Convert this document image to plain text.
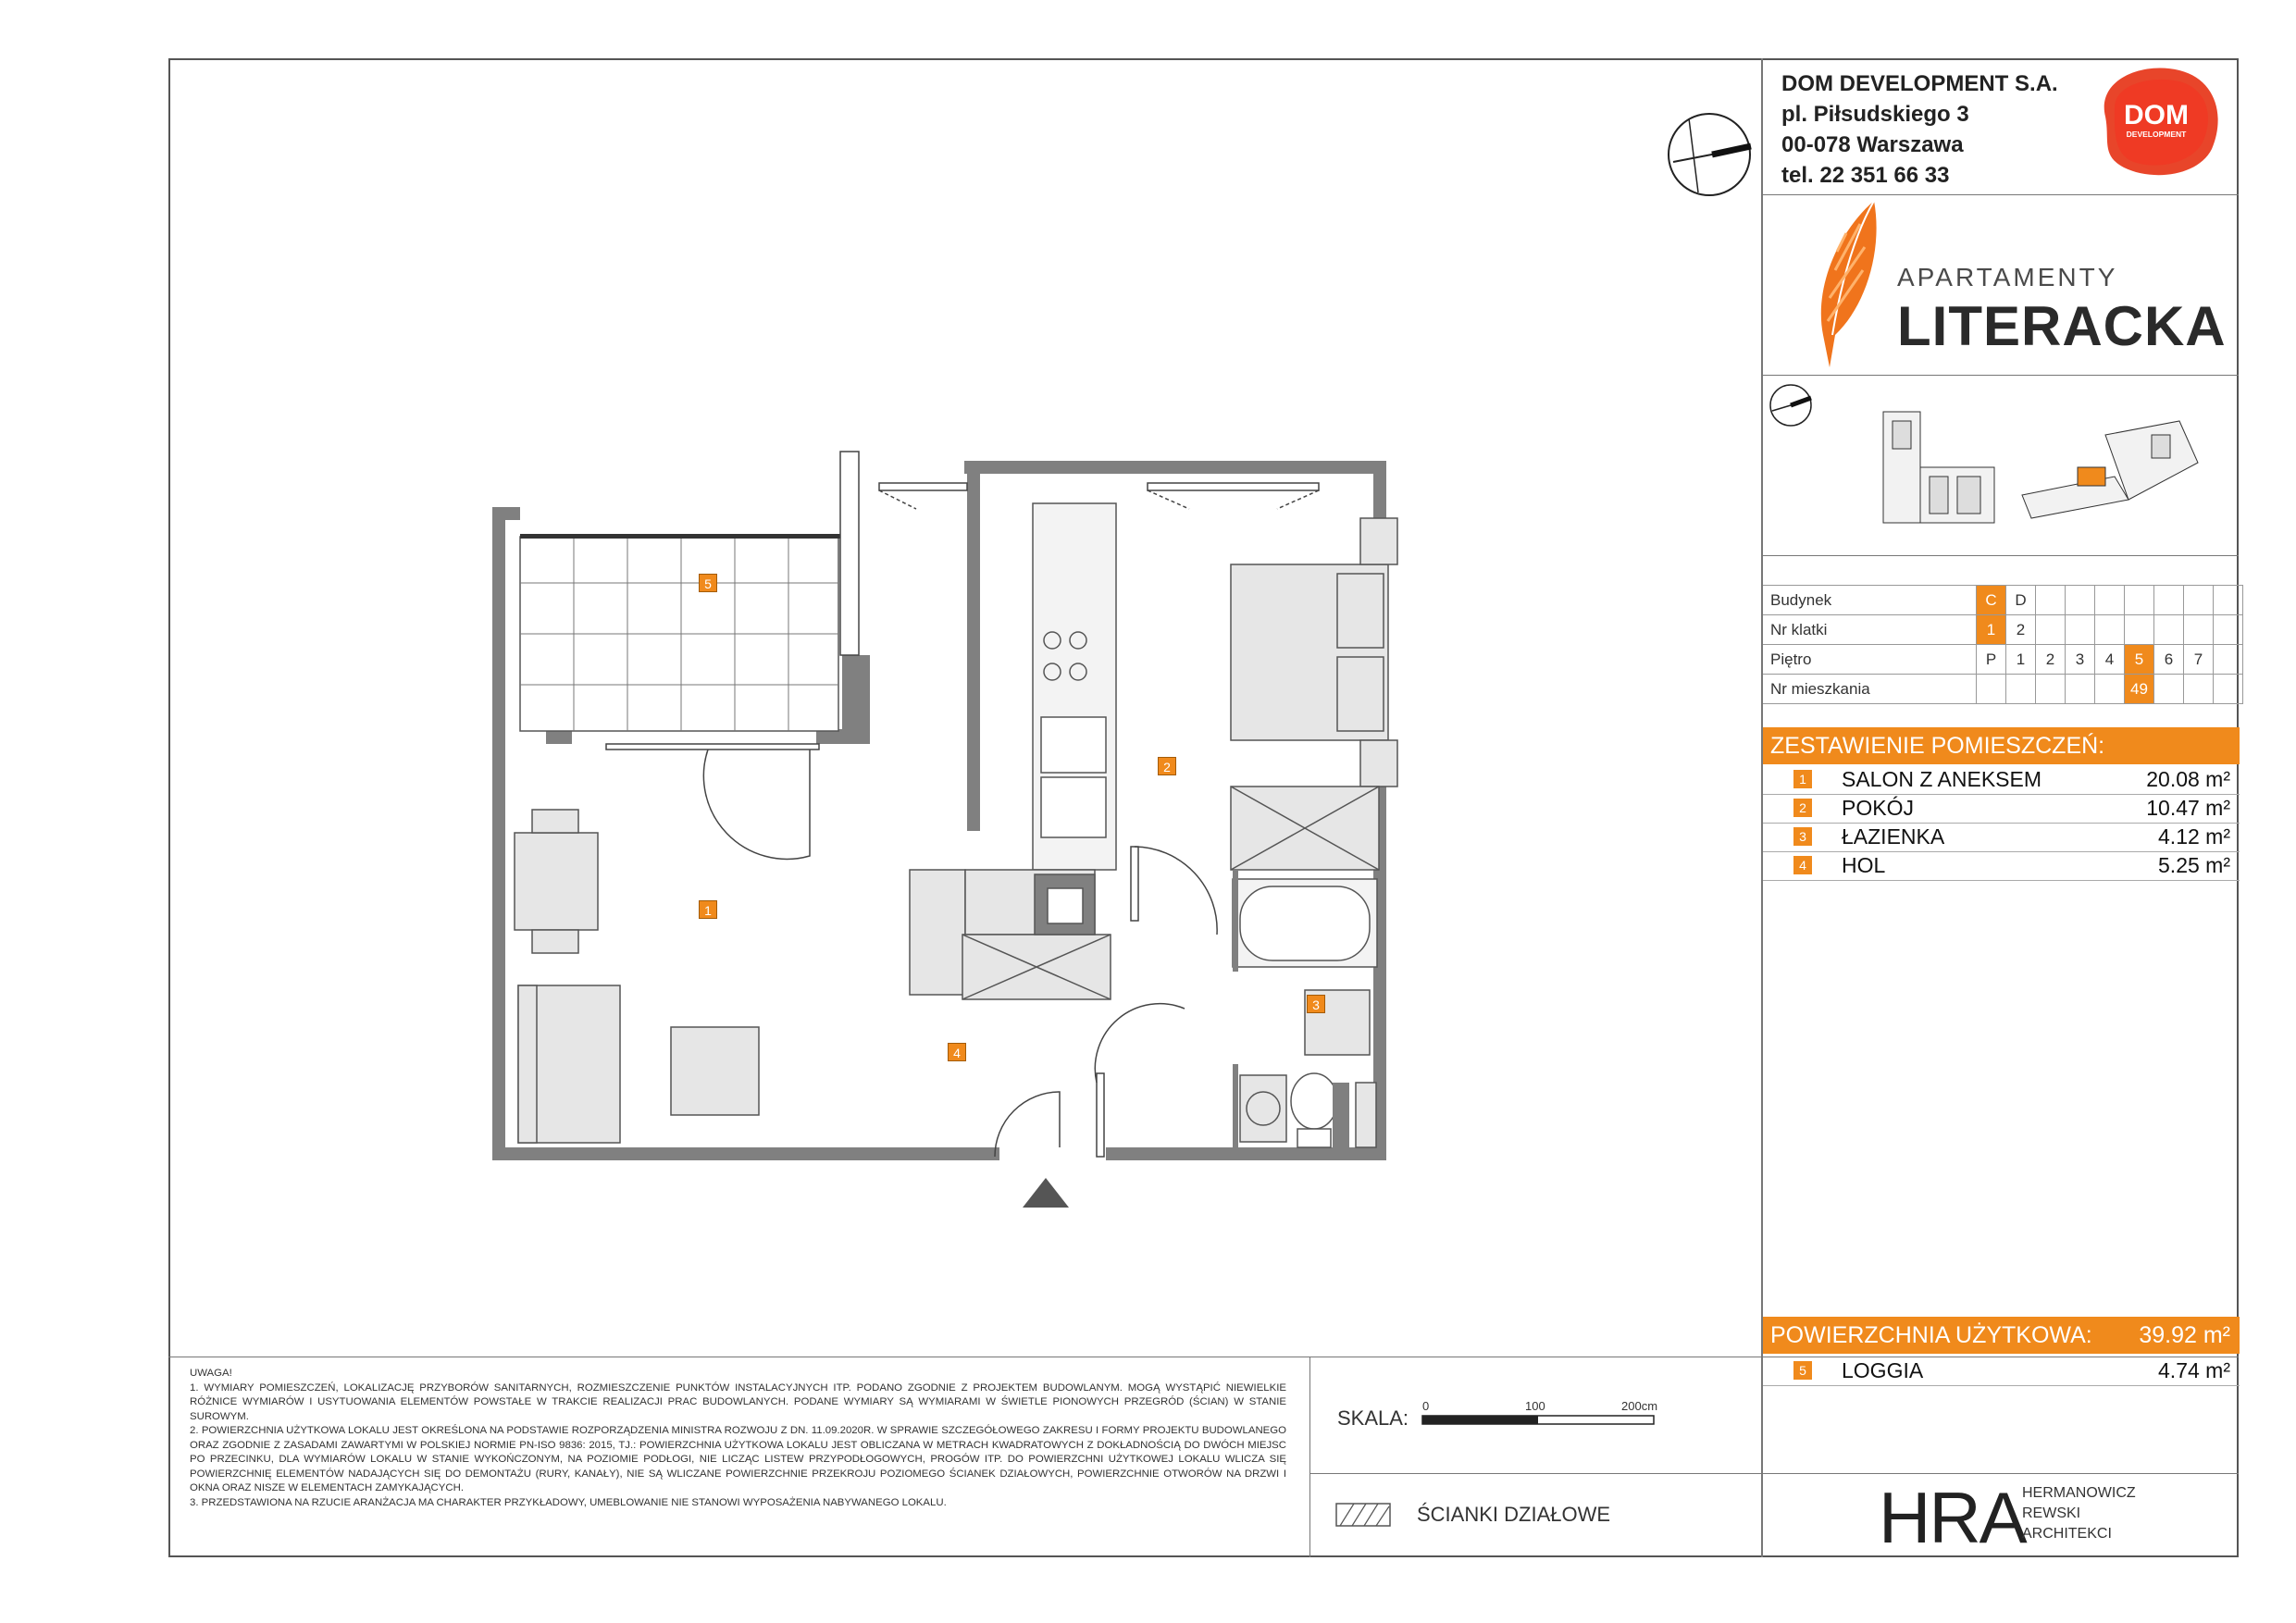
DOM DEVELOPMENT S.A.
pl. Piłsudskiego 3
00-078 Warszawa
tel. 22 351 66 33
DOM
DEVELOPMENT
APARTAMENTY
LITERACKA
Budynek	C	D							
Nr klatki	1	2							
Piętro	P	1	2	3	4	5	6	7	
Nr mieszkania						49			
ZESTAWIENIE POMIESZCZEŃ:
1 SALON Z ANEKSEM	20.08 m²
2 POKÓJ	10.47 m²
3 ŁAZIENKA	4.12 m²
4 HOL	5.25 m²
POWIERZCHNIA UŻYTKOWA: 39.92 m²
5 LOGGIA	4.74 m²
UWAGA!
1. WYMIARY POMIESZCZEŃ, LOKALIZACJĘ PRZYBORÓW SANITARNYCH, ROZMIESZCZENIE PUNKTÓW INSTALACYJNYCH ITP. PODANO ZGODNIE Z PROJEKTEM BUDOWLANYM. MOGĄ WYSTĄPIĆ NIEWIELKIE RÓŻNICE WYMIARÓW I USYTUOWANIA ELEMENTÓW POWSTAŁE W TRAKCIE REALIZACJI PRAC BUDOWLANYCH. PODANE WYMIARY SĄ WYMIARAMI W ŚWIETLE PIONOWYCH PRZEGRÓD (ŚCIAN) W STANIE SUROWYM.
2. POWIERZCHNIA UŻYTKOWA LOKALU JEST OKREŚLONA NA PODSTAWIE ROZPORZĄDZENIA MINISTRA ROZWOJU Z DN. 11.09.2020R. W SPRAWIE SZCZEGÓŁOWEGO ZAKRESU I FORMY PROJEKTU BUDOWLANEGO ORAZ ZGODNIE Z ZASADAMI ZAWARTYMI W POLSKIEJ NORMIE PN-ISO 9836: 2015, TJ.: POWIERZCHNIA UŻYTKOWA LOKALU JEST OBLICZANA W METRACH KWADRATOWYCH Z DOKŁADNOŚCIĄ DO DWÓCH MIEJSC PO PRZECINKU, DLA WYMIARÓW LOKALU W STANIE WYKOŃCZONYM, NA POZIOMIE PODŁOGI, NIE LICZĄC LISTEW PRZYPODŁOGOWYCH, PROGÓW ITP. DO POWIERZCHNI UŻYTKOWEJ LOKALU WLICZA SIĘ POWIERZCHNIĘ ELEMENTÓW NADAJĄCYCH SIĘ DO DEMONTAŻU (RURY, KANAŁY), NIE SĄ WLICZANE POWIERZCHNIE PRZEKROJU POZIOMEGO ŚCIANEK DZIAŁOWYCH, POWIERZCHNIE OTWORÓW NA DRZWI I OKNA ORAZ NISZE W ELEMENTACH ZAMYKAJĄCYCH.
3. PRZEDSTAWIONA NA RZUCIE ARANŻACJA MA CHARAKTER PRZYKŁADOWY, UMEBLOWANIE NIE STANOWI WYPOSAŻENIA NABYWANEGO LOKALU.
SKALA:
0	100	200cm
ŚCIANKI DZIAŁOWE	HRA
HERMANOWICZ
REWSKI
ARCHITEKCI
5
1
2
3
4
